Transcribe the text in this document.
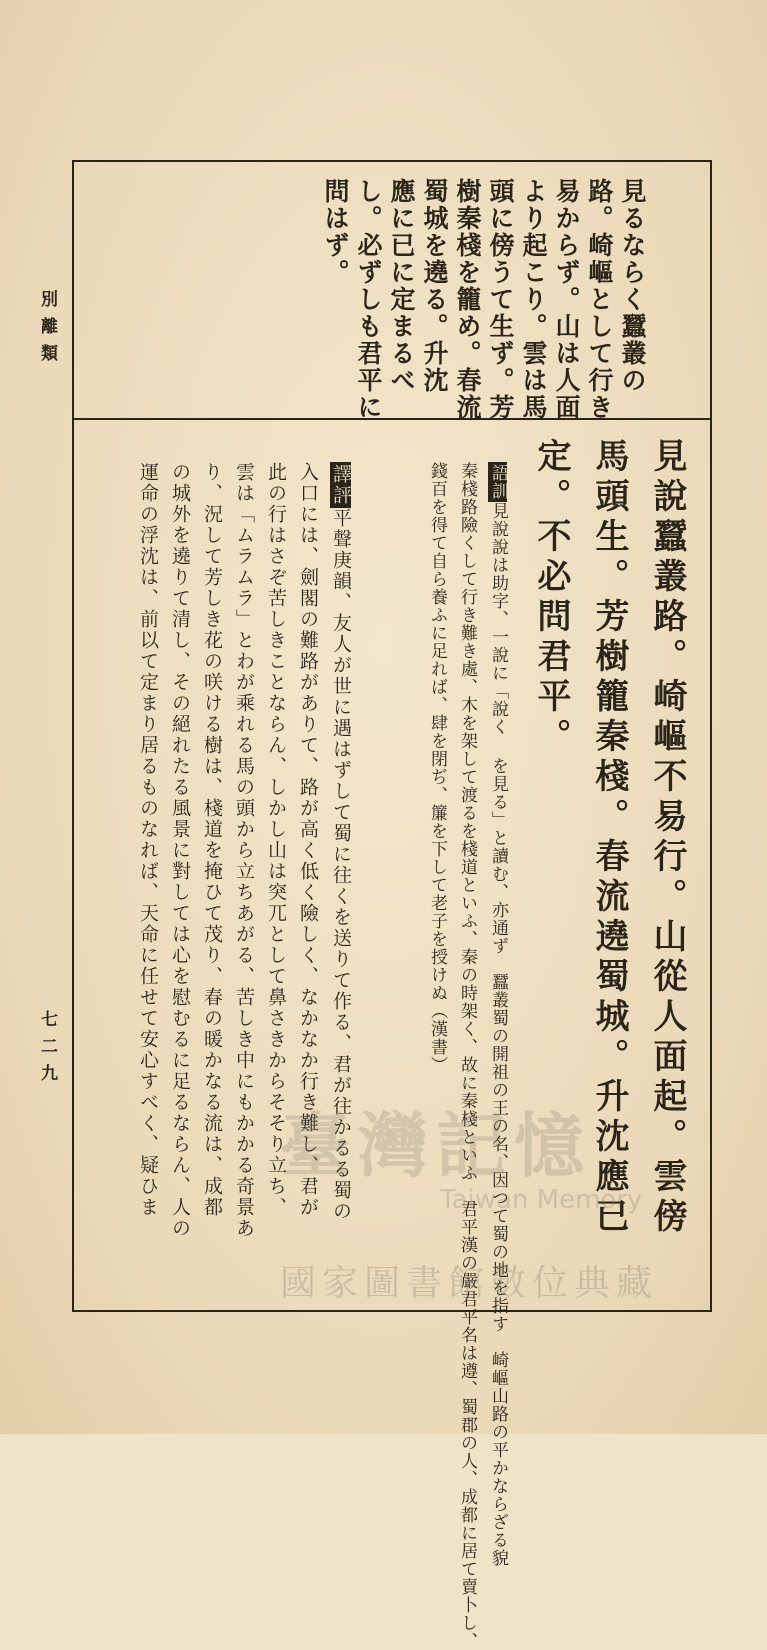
別離類
七二九
見るならく蠶叢の
路。崎嶇として行き
易からず。山は人面
より起こり。雲は馬
頭に傍うて生ず。芳
樹秦棧を籠め。春流
蜀城を遶る。升沈
應に已に定まるべ
し。必ずしも君平に
問はず。
見說蠶叢路。崎嶇不易行。山從人面起。雲傍
馬頭生。芳樹籠秦棧。春流遶蜀城。升沈應已
定。不必問君平。
語訓見說說は助字、一說に「說く を見る」と讀む、亦通ず　蠶叢蜀の開祖の王の名、因つて蜀の地を指す　崎嶇山路の平かならざる貌
秦棧路險くして行き難き處、木を架して渡るを棧道といふ、秦の時架く、故に秦棧といふ　君平漢の嚴君平名は遵、蜀郡の人、成都に居て賣卜し、
錢百を得て自ら養ふに足れば、肆を閉ぢ、簾を下して老子を授けぬ（漢書）
譯評平聲庚韻、友人が世に遇はずして蜀に往くを送りて作る、君が往かるる蜀の
入口には、劍閣の難路がありて、路が高く低く險しく、なかなか行き難し、君が
此の行はさぞ苦しきことならん、しかし山は突兀として鼻さきからそそり立ち、
雲は「ムラムラ」とわが乘れる馬の頭から立ちあがる、苦しき中にもかかる奇景あ
り、況して芳しき花の咲ける樹は、棧道を掩ひて茂り、春の暖かなる流は、成都
の城外を遶りて清し、その絕れたる風景に對しては心を慰むるに足るならん、人の
運命の浮沈は、前以て定まり居るものなれば、天命に任せて安心すべく、疑ひま 臺灣記憶
Taiwan Memory
國家圖書館數位典藏
